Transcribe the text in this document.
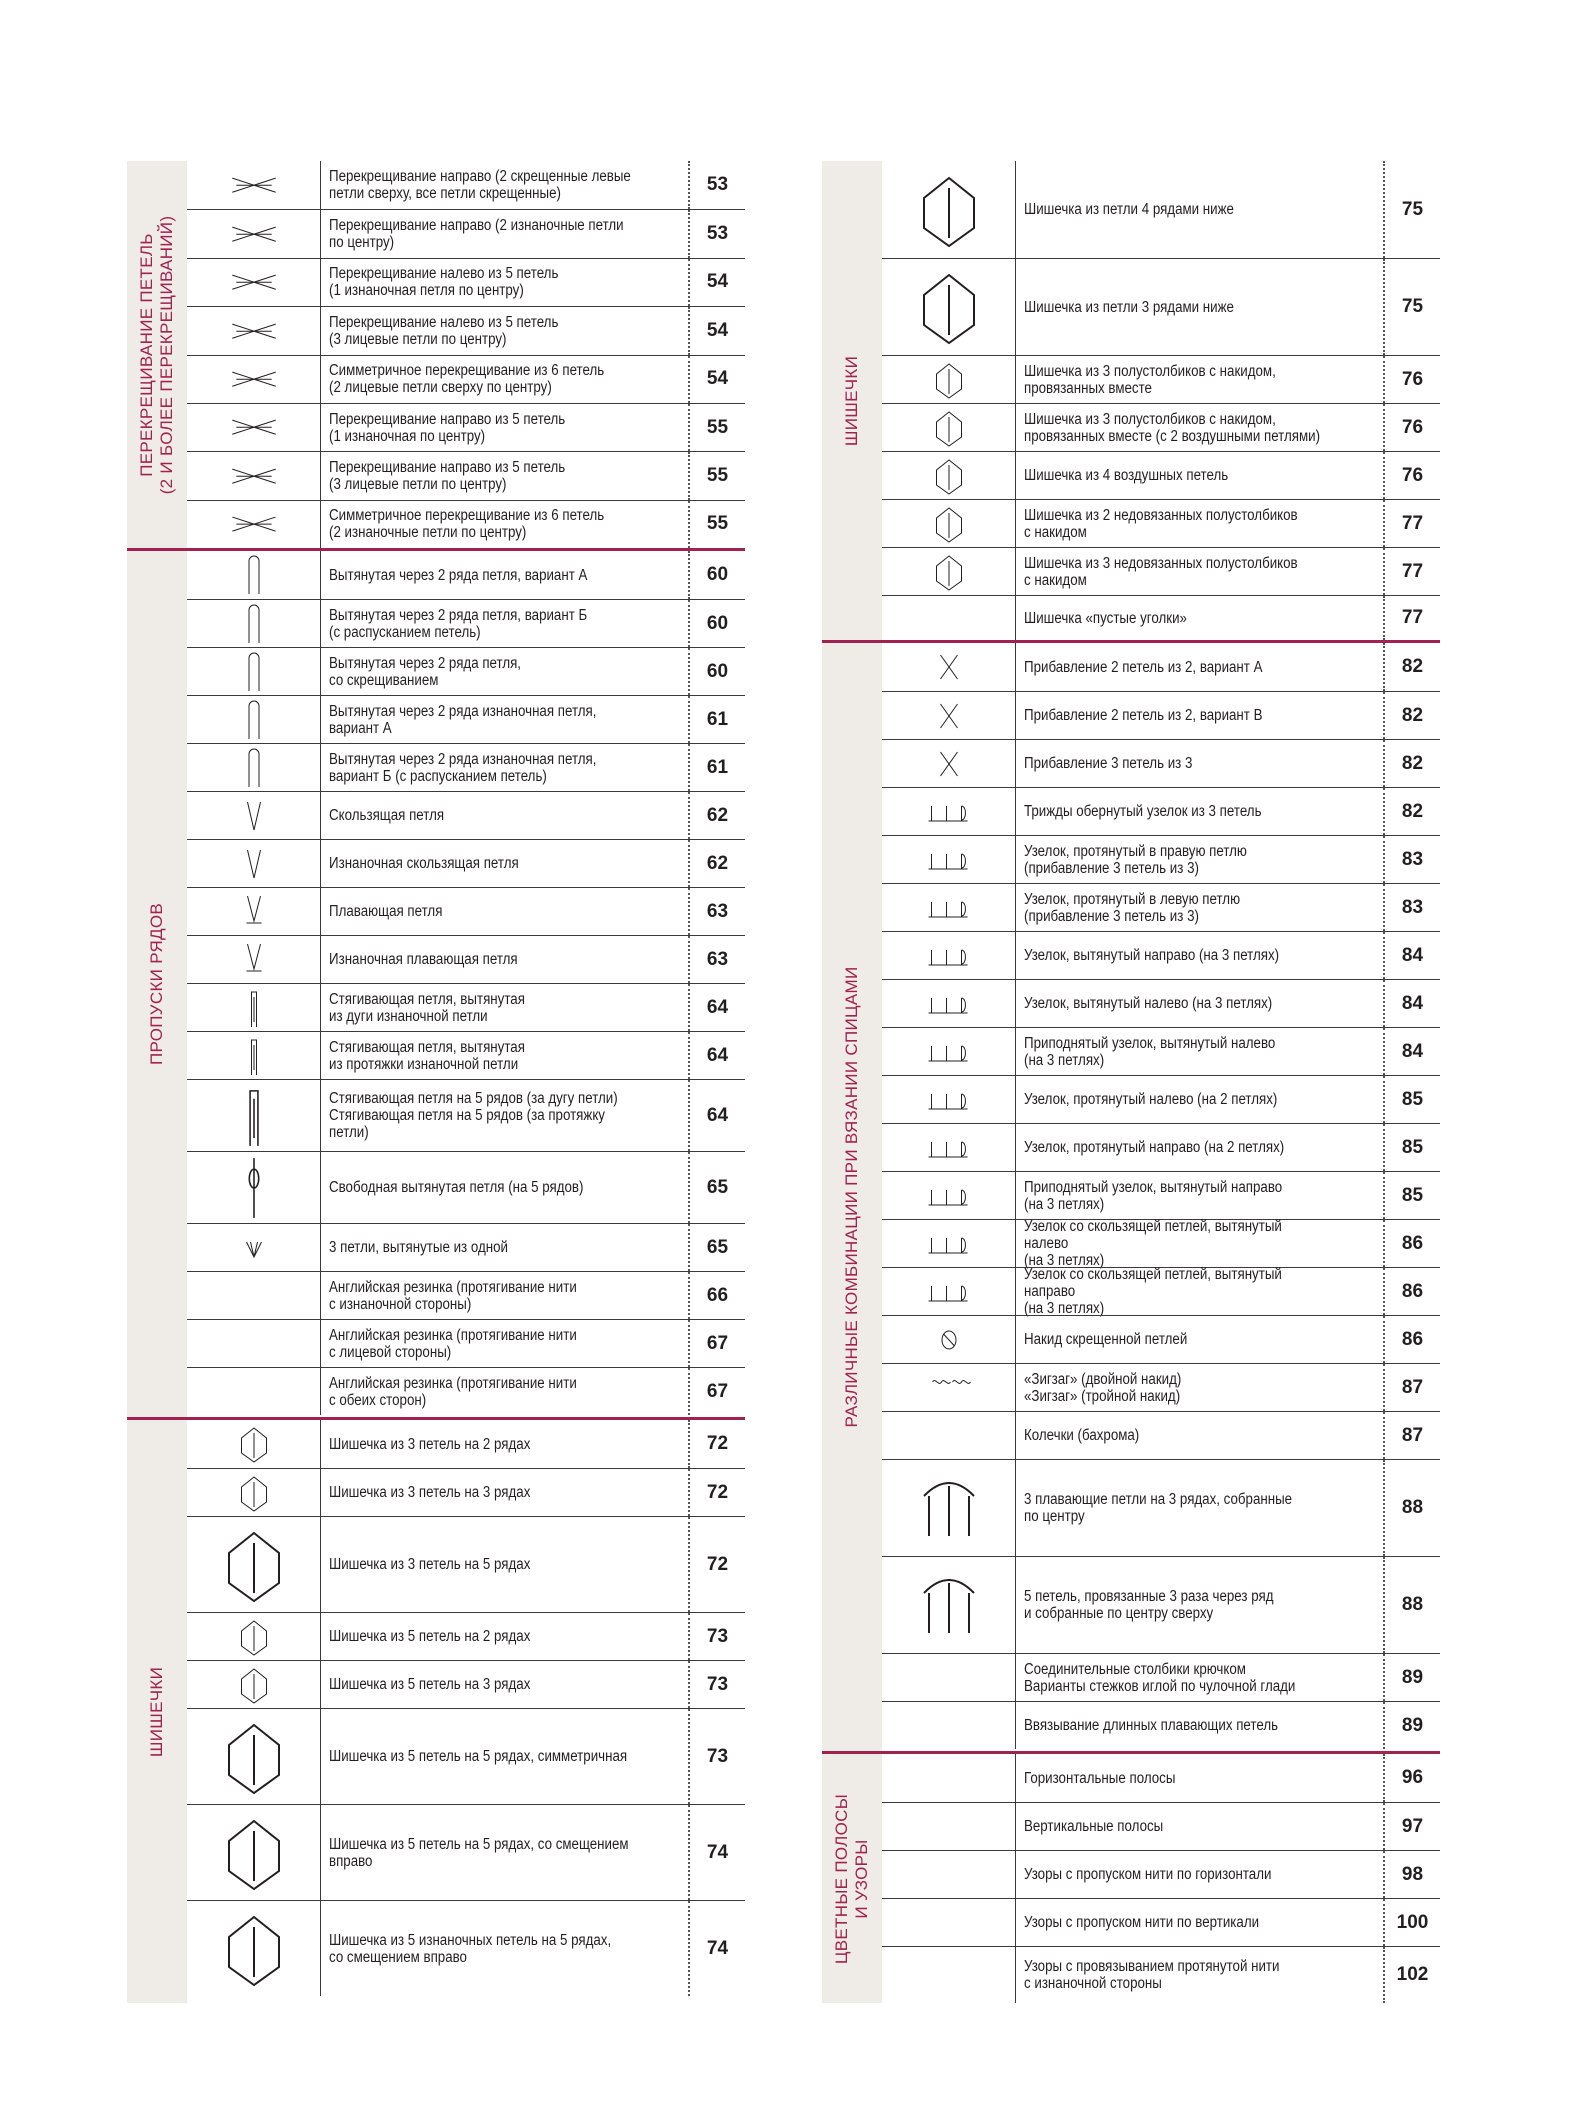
ПЕРЕКРЕЩИВАНИЕ ПЕТЕЛЬ
(2 И БОЛЕЕ ПЕРЕКРЕЩИВАНИЙ)
Перекрещивание направо (2 скрещенные левые петли сверху, все петли скрещенные)	53
Перекрещивание направо (2 изнаночные петли по центру)	53
Перекрещивание налево из 5 петель
(1 изнаночная петля по центру)	54
Перекрещивание налево из 5 петель
(3 лицевые петли по центру)	54
Симметричное перекрещивание из 6 петель
(2 лицевые петли сверху по центру)	54
Перекрещивание направо из 5 петель
(1 изнаночная по центру)	55
Перекрещивание направо из 5 петель
(3 лицевые петли по центру)	55
Симметричное перекрещивание из 6 петель
(2 изнаночные петли по центру)	55
ПРОПУСКИ РЯДОВ
Вытянутая через 2 ряда петля, вариант А	60
Вытянутая через 2 ряда петля, вариант Б
(с распусканием петель)	60
Вытянутая через 2 ряда петля,
со скрещиванием	60
Вытянутая через 2 ряда изнаночная петля,
вариант А	61
Вытянутая через 2 ряда изнаночная петля,
вариант Б (с распусканием петель)	61
Скользящая петля	62
Изнаночная скользящая петля	62
Плавающая петля	63
Изнаночная плавающая петля	63
Стягивающая петля, вытянутая
из дуги изнаночной петли	64
Стягивающая петля, вытянутая
из протяжки изнаночной петли	64
Стягивающая петля на 5 рядов (за дугу петли)
Стягивающая петля на 5 рядов (за протяжку петли)
64
Свободная вытянутая петля (на 5 рядов)	65
3 петли, вытянутые из одной	65
Английская резинка (протягивание нити
с изнаночной стороны)	66
Английская резинка (протягивание нити
с лицевой стороны)	67
Английская резинка (протягивание нити
с обеих сторон)	67
ШИШЕЧКИ
Шишечка из 3 петель на 2 рядах	72
Шишечка из 3 петель на 3 рядах	72
Шишечка из 3 петель на 5 рядах	72
Шишечка из 5 петель на 2 рядах	73
Шишечка из 5 петель на 3 рядах	73
Шишечка из 5 петель на 5 рядах, симметричная	73
Шишечка из 5 петель на 5 рядах, со смещением вправо	74
Шишечка из 5 изнаночных петель на 5 рядах,
со смещением вправо	74
ШИШЕЧКИ
Шишечка из петли 4 рядами ниже	75
Шишечка из петли 3 рядами ниже	75
Шишечка из 3 полустолбиков с накидом,
провязанных вместе	76
Шишечка из 3 полустолбиков с накидом,
провязанных вместе (с 2 воздушными петлями)	76
Шишечка из 4 воздушных петель	76
Шишечка из 2 недовязанных полустолбиков
с накидом	77
Шишечка из 3 недовязанных полустолбиков
с накидом	77
Шишечка «пустые уголки»	77
РАЗЛИЧНЫЕ КОМБИНАЦИИ ПРИ ВЯЗАНИИ СПИЦАМИ
Прибавление 2 петель из 2, вариант А	82
Прибавление 2 петель из 2, вариант В	82
Прибавление 3 петель из 3	82
Трижды обернутый узелок из 3 петель	82
Узелок, протянутый в правую петлю (прибавление 3 петель из 3)	83
Узелок, протянутый в левую петлю (прибавление 3 петель из 3)	83
Узелок, вытянутый направо (на 3 петлях)	84
Узелок, вытянутый налево (на 3 петлях)	84
Приподнятый узелок, вытянутый налево
(на 3 петлях)	84
Узелок, протянутый налево (на 2 петлях)	85
Узелок, протянутый направо (на 2 петлях)	85
Приподнятый узелок, вытянутый направо
(на 3 петлях)	85
Узелок со скользящей петлей, вытянутый налево
(на 3 петлях)
86
Узелок со скользящей петлей, вытянутый направо
(на 3 петлях)
86
Накид скрещенной петлей	86
«Зигзаг» (двойной накид)
«Зигзаг» (тройной накид)	87
Колечки (бахрома)	87
3 плавающие петли на 3 рядах, собранные
по центру	88
5 петель, провязанные 3 раза через ряд
и собранные по центру сверху	88
Соединительные столбики крючком
Варианты стежков иглой по чулочной глади	89
Ввязывание длинных плавающих петель	89
ЦВЕТНЫЕ ПОЛОСЫ
И УЗОРЫ
Горизонтальные полосы	96
Вертикальные полосы	97
Узоры с пропуском нити по горизонтали	98
Узоры с пропуском нити по вертикали	100
Узоры с провязыванием протянутой нити
с изнаночной стороны	102
